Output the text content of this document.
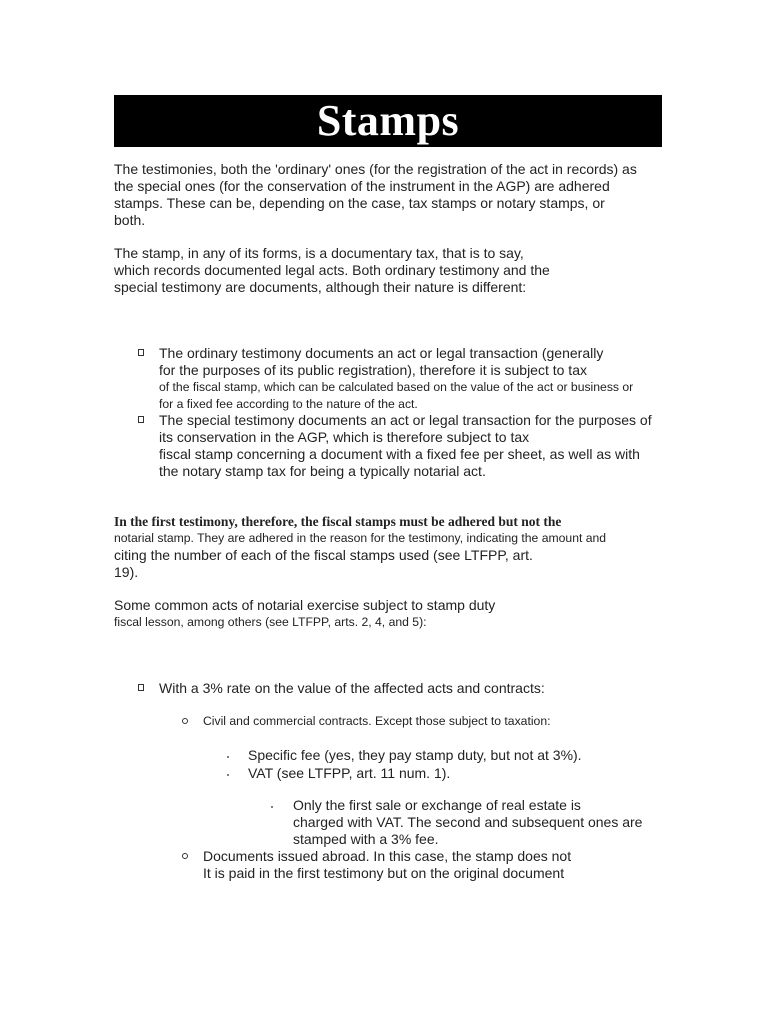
Stamps

The testimonies, both the 'ordinary' ones (for the registration of the act in records) as
the special ones (for the conservation of the instrument in the AGP) are adhered
stamps. These can be, depending on the case, tax stamps or notary stamps, or
both.

The stamp, in any of its forms, is a documentary tax, that is to say,
which records documented legal acts. Both ordinary testimony and the
special testimony are documents, although their nature is different:

The ordinary testimony documents an act or legal transaction (generally
for the purposes of its public registration), therefore it is subject to tax
of the fiscal stamp, which can be calculated based on the value of the act or business or
for a fixed fee according to the nature of the act.

The special testimony documents an act or legal transaction for the purposes of
its conservation in the AGP, which is therefore subject to tax
fiscal stamp concerning a document with a fixed fee per sheet, as well as with
the notary stamp tax for being a typically notarial act.

In the first testimony, therefore, the fiscal stamps must be adhered but not the
notarial stamp. They are adhered in the reason for the testimony, indicating the amount and
citing the number of each of the fiscal stamps used (see LTFPP, art.
19).

Some common acts of notarial exercise subject to stamp duty
fiscal lesson, among others (see LTFPP, arts. 2, 4, and 5):

With a 3% rate on the value of the affected acts and contracts:

Civil and commercial contracts. Except those subject to taxation:

Specific fee (yes, they pay stamp duty, but not at 3%).

VAT (see LTFPP, art. 11 num. 1).

Only the first sale or exchange of real estate is
charged with VAT. The second and subsequent ones are
stamped with a 3% fee.

Documents issued abroad. In this case, the stamp does not
It is paid in the first testimony but on the original document
